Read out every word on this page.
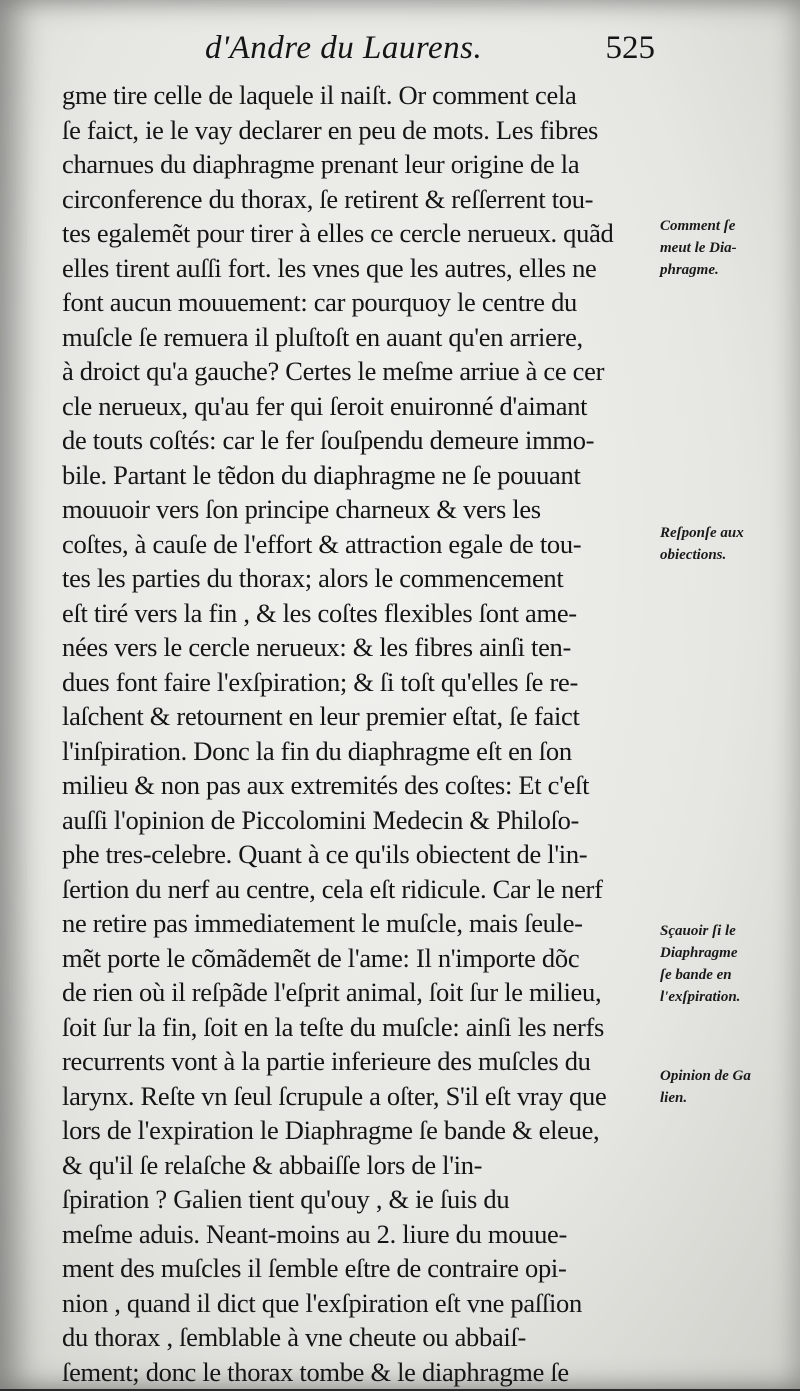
d'Andre du Laurens.	525
gme tire celle de laquele il naiſt. Or comment cela
ſe faict, ie le vay declarer en peu de mots. Les fibres
charnues du diaphragme prenant leur origine de la
circonference du thorax, ſe retirent & reſſerrent tou-
tes egalemẽt pour tirer à elles ce cercle nerueux. quãd
elles tirent auſſi fort. les vnes que les autres, elles ne
font aucun mouuement: car pourquoy le centre du
muſcle ſe remuera il pluſtoſt en auant qu'en arriere,
à droict qu'a gauche? Certes le meſme arriue à ce cer
cle nerueux, qu'au fer qui ſeroit enuironné d'aimant
de touts coſtés: car le fer ſouſpendu demeure immo-
bile. Partant le tẽdon du diaphragme ne ſe pouuant
mouuoir vers ſon principe charneux & vers les
coſtes, à cauſe de l'effort & attraction egale de tou-
tes les parties du thorax; alors le commencement
eſt tiré vers la fin , & les coſtes flexibles ſont ame-
nées vers le cercle nerueux: & les fibres ainſi ten-
dues font faire l'exſpiration; & ſi toſt qu'elles ſe re-
laſchent & retournent en leur premier eſtat, ſe faict
l'inſpiration. Donc la fin du diaphragme eſt en ſon
milieu & non pas aux extremités des coſtes: Et c'eſt
auſſi l'opinion de Piccolomini Medecin & Philoſo-
phe tres-celebre. Quant à ce qu'ils obiectent de l'in-
ſertion du nerf au centre, cela eſt ridicule. Car le nerf
ne retire pas immediatement le muſcle, mais ſeule-
mẽt porte le cõmãdemẽt de l'ame: Il n'importe dõc
de rien où il reſpãde l'eſprit animal, ſoit ſur le milieu,
ſoit ſur la fin, ſoit en la teſte du muſcle: ainſi les nerfs
recurrents vont à la partie inferieure des muſcles du
larynx. Reſte vn ſeul ſcrupule a oſter, S'il eſt vray que
lors de l'expiration le Diaphragme ſe bande & eleue,
& qu'il ſe relaſche & abbaiſſe lors de l'in-
ſpiration ? Galien tient qu'ouy , & ie ſuis du
meſme aduis. Neant-moins au 2. liure du mouue-
ment des muſcles il ſemble eſtre de contraire opi-
nion , quand il dict que l'exſpiration eſt vne paſſion
du thorax , ſemblable à vne cheute ou abbaiſ-
ſement; donc le thorax tombe & le diaphragme ſe
Comment ſe
meut le Dia-
phragme.
Reſponſe aux
obiections.
Sçauoir ſi le
Diaphragme
ſe bande en
l'exſpiration.
Opinion de Ga
lien.
